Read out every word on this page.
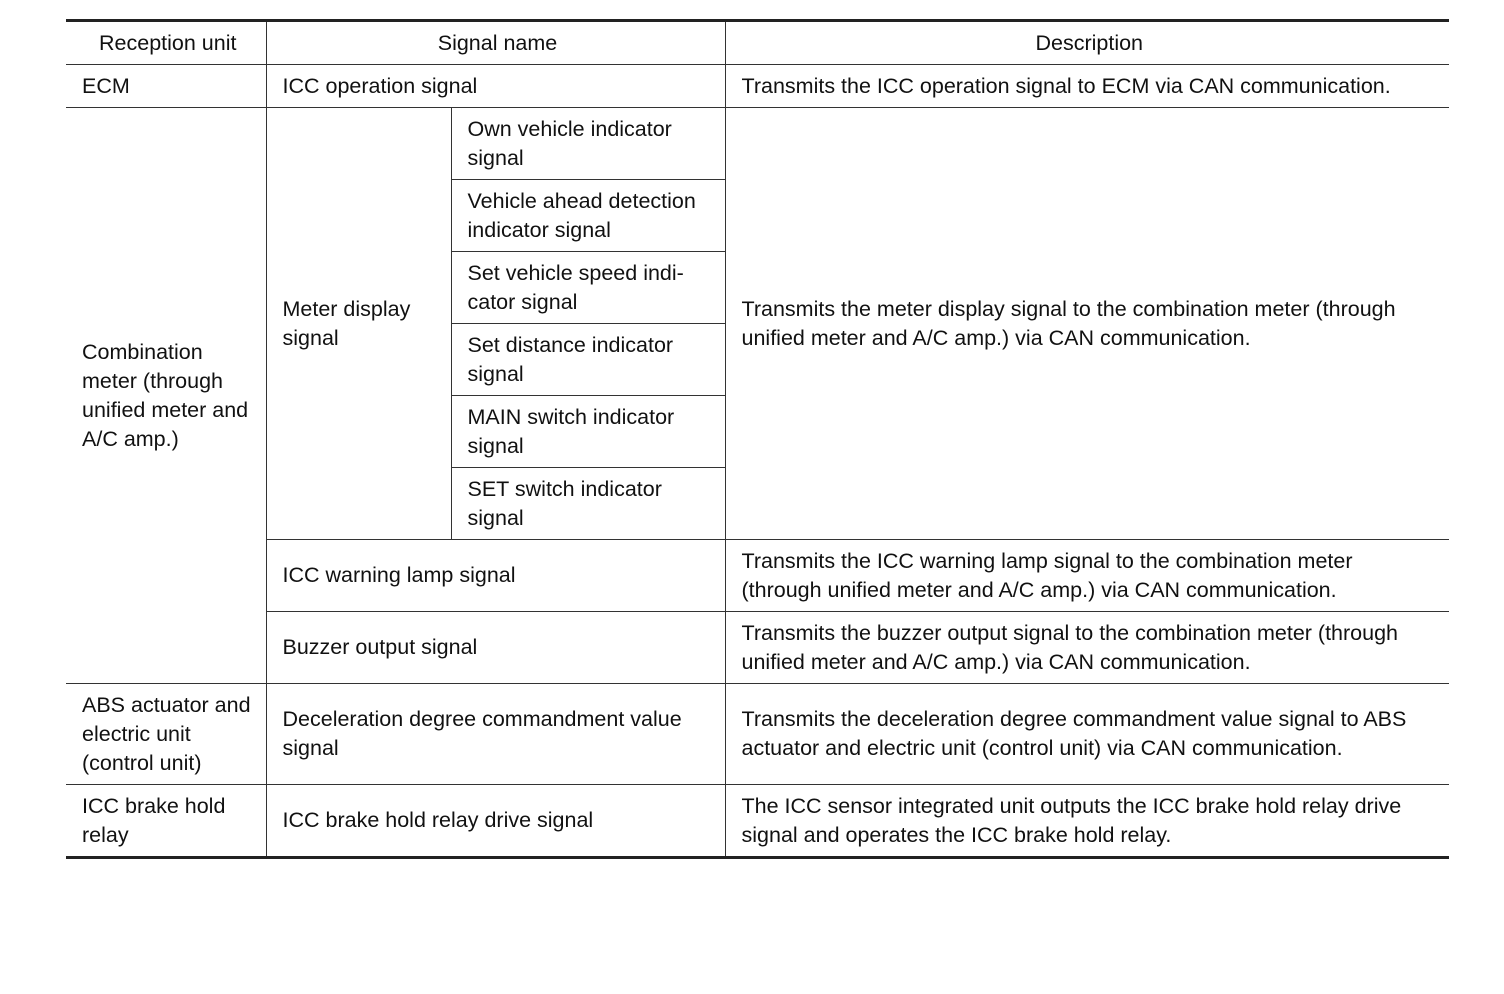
Reception unit	Signal name		Description
ECM	ICC operation signal		Transmits the ICC operation signal to ECM via CAN communication.
Combination meter (through unified meter and A/C amp.)	Meter display signal	Own vehicle indicator signal	Transmits the meter display signal to the combination meter (through unified meter and A/C amp.) via CAN communication.
		Vehicle ahead detection indicator signal	
		Set vehicle speed indi-cator signal	
		Set distance indicator signal	
		MAIN switch indicator signal	
		SET switch indicator signal	
	ICC warning lamp signal		Transmits the ICC warning lamp signal to the combination meter (through unified meter and A/C amp.) via CAN communication.
	Buzzer output signal		Transmits the buzzer output signal to the combination meter (through unified meter and A/C amp.) via CAN communication.
ABS actuator and electric unit (control unit)	Deceleration degree commandment value signal		Transmits the deceleration degree commandment value signal to ABS actuator and electric unit (control unit) via CAN communication.
ICC brake hold relay	ICC brake hold relay drive signal		The ICC sensor integrated unit outputs the ICC brake hold relay drive signal and operates the ICC brake hold relay.
